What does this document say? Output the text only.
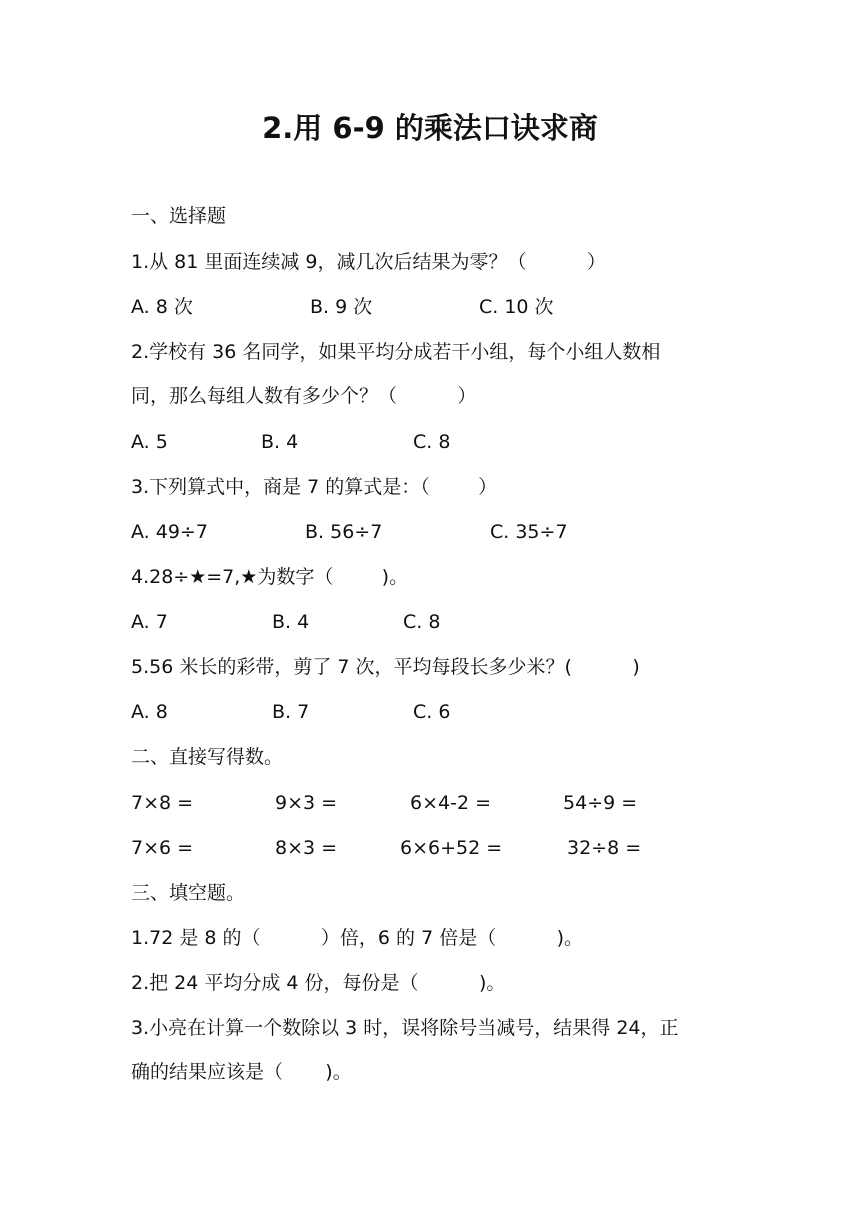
2.用 6-9 的乘法口诀求商
一、选择题
1.从 81 里面连续减 9，减几次后结果为零？（          ）
A. 8 次	B. 9 次	C. 10 次
2.学校有 36 名同学，如果平均分成若干小组，每个小组人数相
同，那么每组人数有多少个？（          ）
A. 5	B. 4	C. 8
3.下列算式中，商是 7 的算式是：（        ）
A. 49÷7	B. 56÷7	C. 35÷7
4.28÷★=7,★为数字（        )。
A. 7	B. 4	C. 8
5.56 米长的彩带，剪了 7 次，平均每段长多少米？(          )
A. 8	B. 7	C. 6
二、直接写得数。
7×8 =	9×3 =	6×4-2 =	54÷9 =
7×6 =	8×3 =	6×6+52 =	32÷8 =
三、填空题。
1.72 是 8 的（          ）倍，6 的 7 倍是（          )。
2.把 24 平均分成 4 份，每份是（          )。
3.小亮在计算一个数除以 3 时，误将除号当减号，结果得 24，正
确的结果应该是（       )。
